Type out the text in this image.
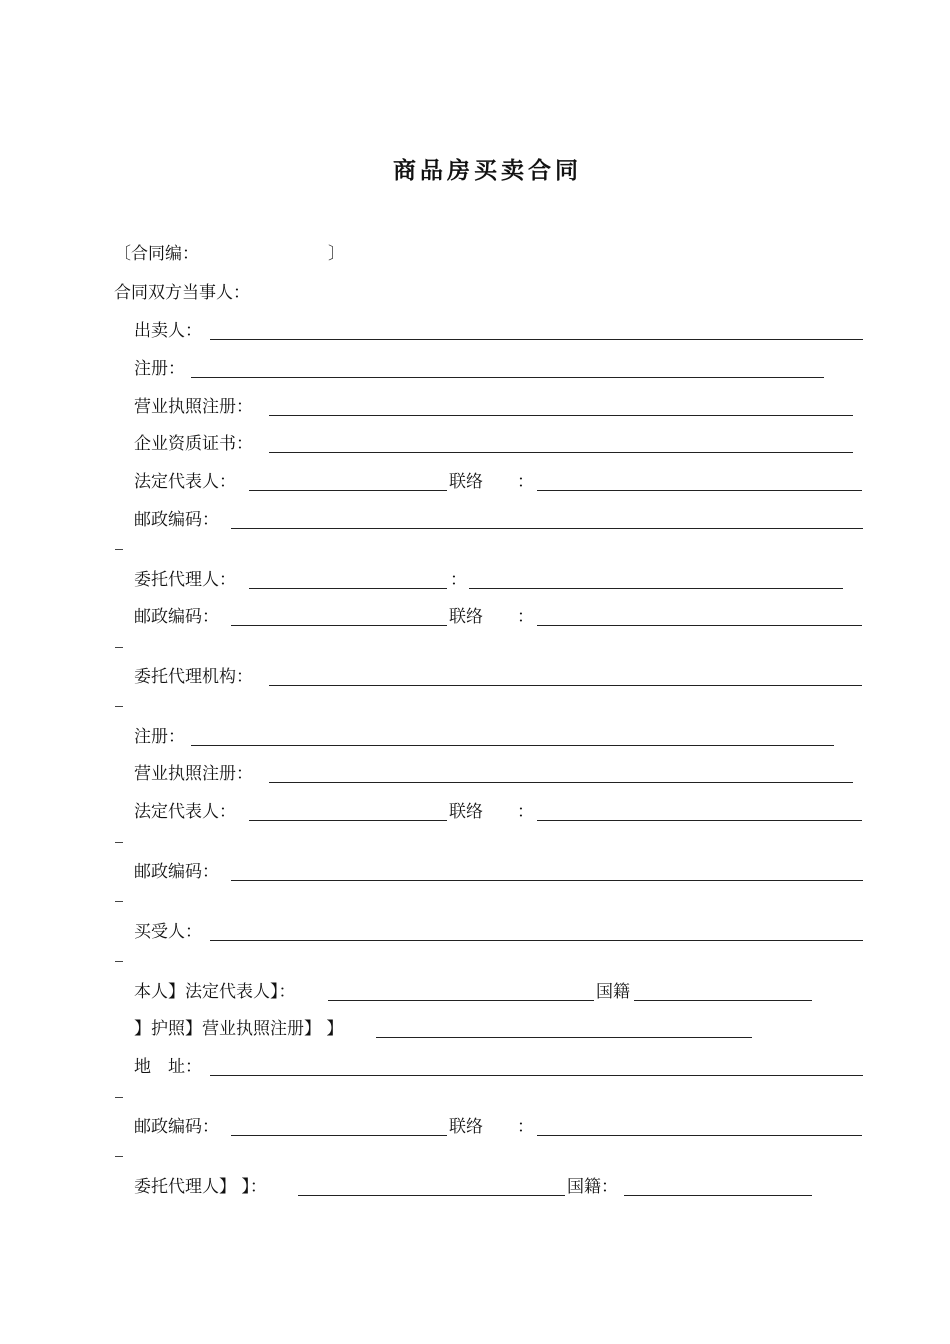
商品房买卖合同
〔合同编：	〕
合同双方当事人：
出卖人：
注册：
营业执照注册：
企业资质证书：
法定代表人：	联络 ：
邮政编码：
委托代理人：	：
邮政编码：	联络 ：
委托代理机构：
注册：
营业执照注册：
法定代表人：	联络 ：
邮政编码：
买受人：
本人】法定代表人】：	国籍
】护照】营业执照注册】 】
地　址：
邮政编码：	联络 ：
委托代理人】 】：	国籍：
